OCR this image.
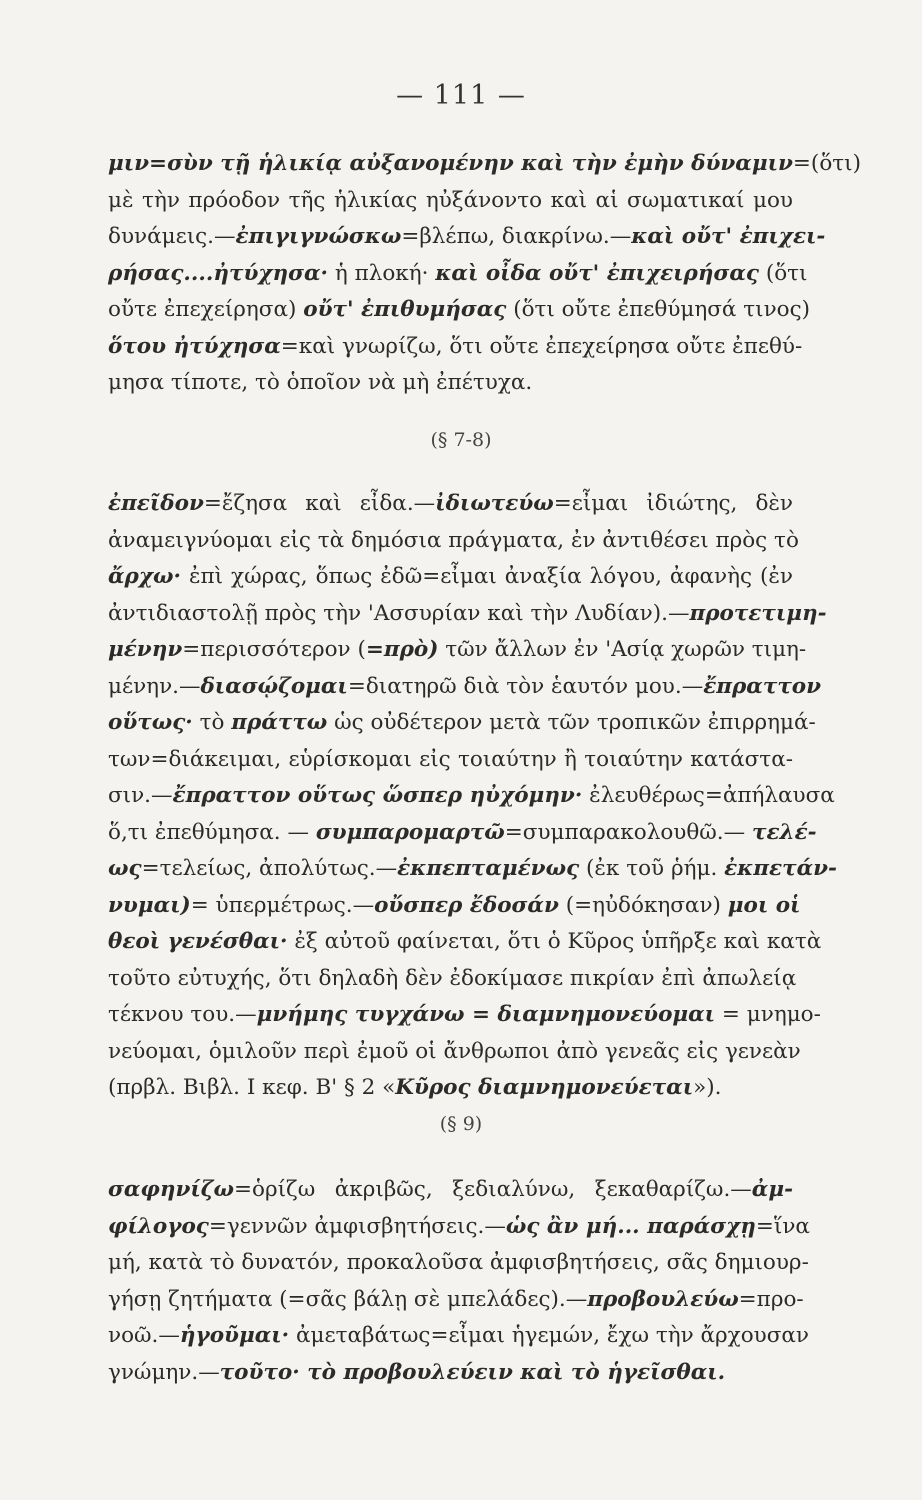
— 111 —
μιν=σὺν τῇ ἡλικίᾳ αὐξανομένην καὶ τὴν ἐμὴν δύναμιν=(ὅτι)
μὲ τὴν πρόοδον τῆς ἡλικίας ηὐξάνοντο καὶ αἱ σωματικαί μου
δυνάμεις.—ἐπιγιγνώσκω=βλέπω, διακρίνω.—καὶ οὔτ' ἐπιχει-
ρήσας....ἠτύχησα· ἡ πλοκή· καὶ οἶδα οὔτ' ἐπιχειρήσας (ὅτι
οὔτε ἐπεχείρησα) οὔτ' ἐπιθυμήσας (ὅτι οὔτε ἐπεθύμησά τινος)
ὅτου ἠτύχησα=καὶ γνωρίζω, ὅτι οὔτε ἐπεχείρησα οὔτε ἐπεθύ-
μησα τίποτε, τὸ ὁποῖον νὰ μὴ ἐπέτυχα.
(§ 7-8)
ἐπεῖδον=ἔζησα καὶ εἶδα.—ἰδιωτεύω=εἶμαι ἰδιώτης, δὲν
ἀναμειγνύομαι εἰς τὰ δημόσια πράγματα, ἐν ἀντιθέσει πρὸς τὸ
ἄρχω· ἐπὶ χώρας, ὅπως ἐδῶ=εἶμαι ἀναξία λόγου, ἀφανὴς (ἐν
ἀντιδιαστολῇ πρὸς τὴν 'Ασσυρίαν καὶ τὴν Λυδίαν).—προτετιμη-
μένην=περισσότερον (=πρὸ) τῶν ἄλλων ἐν 'Ασίᾳ χωρῶν τιμη-
μένην.—διασῴζομαι=διατηρῶ διὰ τὸν ἑαυτόν μου.—ἔπραττον
οὕτως· τὸ πράττω ὡς οὐδέτερον μετὰ τῶν τροπικῶν ἐπιρρημά-
των=διάκειμαι, εὑρίσκομαι εἰς τοιαύτην ἢ τοιαύτην κατάστα-
σιν.—ἔπραττον οὕτως ὥσπερ ηὐχόμην· ἐλευθέρως=ἀπήλαυσα
ὅ,τι ἐπεθύμησα. — συμπαρομαρτῶ=συμπαρακολουθῶ.— τελέ-
ως=τελείως, ἀπολύτως.—ἐκπεπταμένως (ἐκ τοῦ ῥήμ. ἐκπετάν-
νυμαι)= ὑπερμέτρως.—οὔσπερ ἔδοσάν (=ηὐδόκησαν) μοι οἱ
θεοὶ γενέσθαι· ἐξ αὐτοῦ φαίνεται, ὅτι ὁ Κῦρος ὑπῆρξε καὶ κατὰ
τοῦτο εὐτυχής, ὅτι δηλαδὴ δὲν ἐδοκίμασε πικρίαν ἐπὶ ἀπωλείᾳ
τέκνου του.—μνήμης τυγχάνω = διαμνημονεύομαι = μνημο-
νεύομαι, ὁμιλοῦν περὶ ἐμοῦ οἱ ἄνθρωποι ἀπὸ γενεᾶς εἰς γενεὰν
(πρβλ. Βιβλ. Ι κεφ. Β' § 2 «Κῦρος διαμνημονεύεται»).
(§ 9)
σαφηνίζω=ὁρίζω ἀκριβῶς, ξεδιαλύνω, ξεκαθαρίζω.—ἀμ-
φίλογος=γεννῶν ἀμφισβητήσεις.—ὡς ἂν μή... παράσχῃ=ἵνα
μή, κατὰ τὸ δυνατόν, προκαλοῦσα ἀμφισβητήσεις, σᾶς δημιουρ-
γήσῃ ζητήματα (=σᾶς βάλῃ σὲ μπελάδες).—προβουλεύω=προ-
νοῶ.—ἡγοῦμαι· ἀμεταβάτως=εἶμαι ἡγεμών, ἔχω τὴν ἄρχουσαν
γνώμην.—τοῦτο· τὸ προβουλεύειν καὶ τὸ ἡγεῖσθαι.
